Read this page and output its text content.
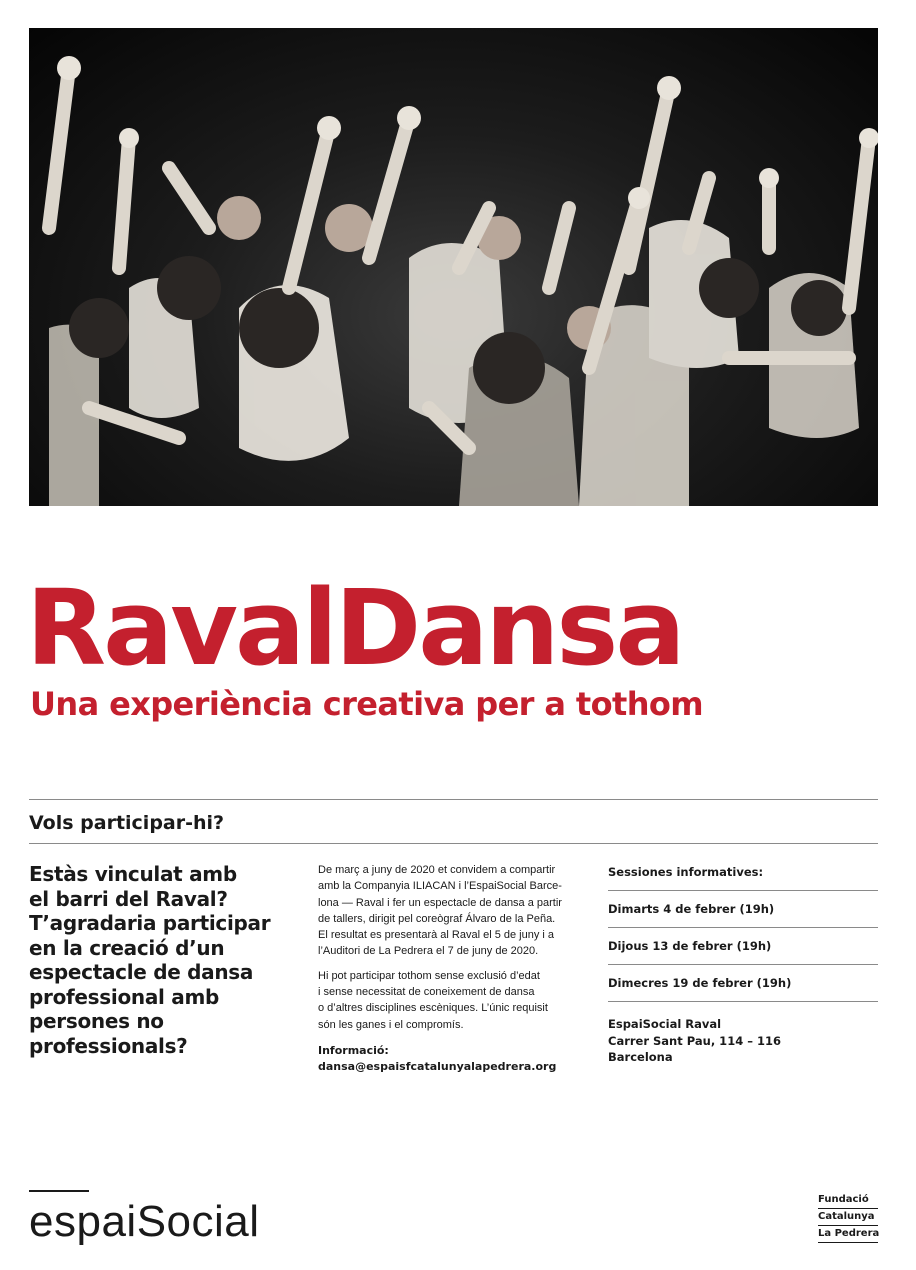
RavalDansa
Una experiència creativa per a tothom
Vols participar-hi?
Estàs vinculat amb
el barri del Raval?
T’agradaria participar
en la creació d’un
espectacle de dansa
professional amb
persones no
professionals?
De març a juny de 2020 et convidem a compartir
amb la Companyia ILIACAN i l’EspaiSocial Barce-
lona — Raval i fer un espectacle de dansa a partir
de tallers, dirigit pel coreògraf Álvaro de la Peña.
El resultat es presentarà al Raval el 5 de juny i a
l’Auditori de La Pedrera el 7 de juny de 2020.
Hi pot participar tothom sense exclusió d’edat
i sense necessitat de coneixement de dansa
o d’altres disciplines escèniques. L’únic requisit
són les ganes i el compromís.
Informació:
dansa@espaisfcatalunyalapedrera.org
Sessiones informatives:
Dimarts 4 de febrer (19h)
Dijous 13 de febrer (19h)
Dimecres 19 de febrer (19h)
EspaiSocial Raval
Carrer Sant Pau, 114 – 116
Barcelona
espaiSocial	Fundació
Catalunya
La Pedrera
